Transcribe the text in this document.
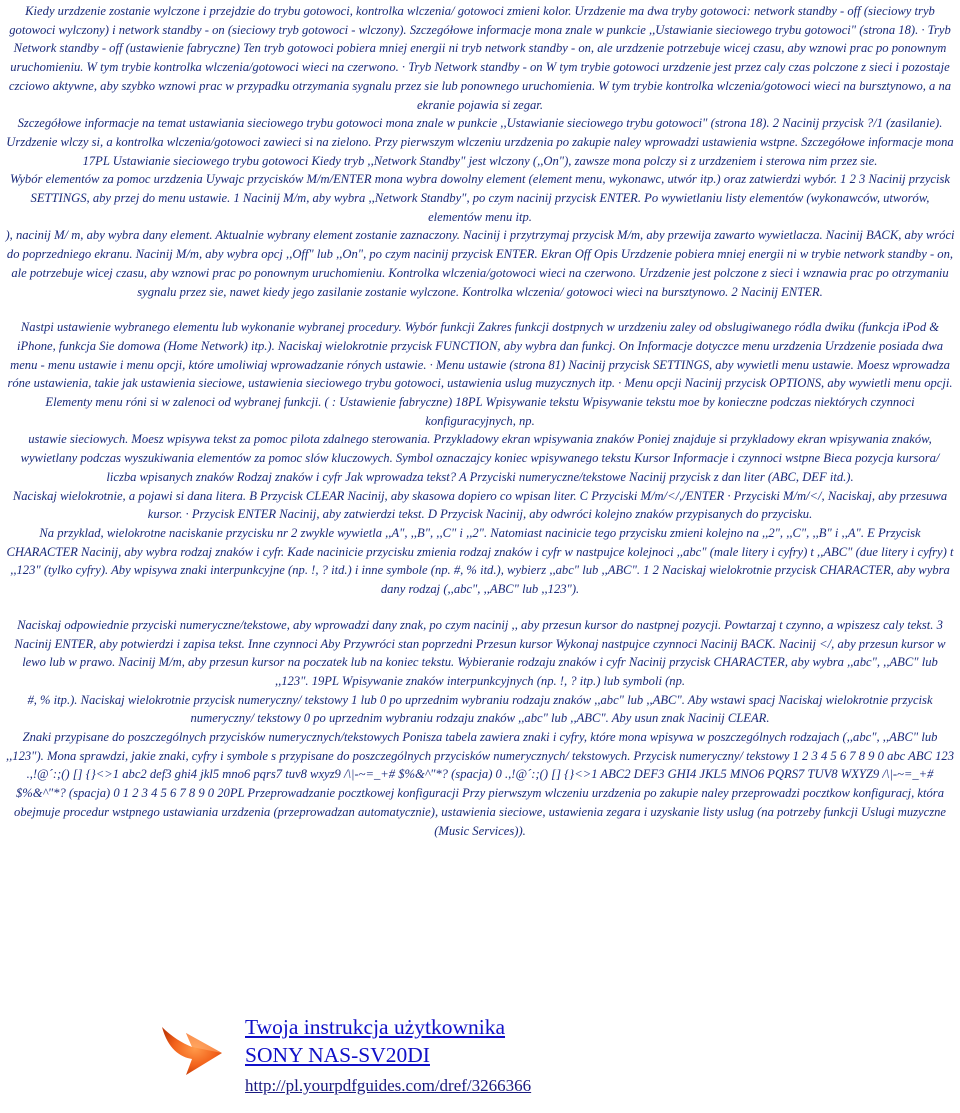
Kiedy urzdzenie zostanie wylczone i przejdzie do trybu gotowoci, kontrolka wlczenia/ gotowoci zmieni kolor. Urzdzenie ma dwa tryby gotowoci: network standby - off (sieciowy tryb gotowoci wylczony) i network standby - on (sieciowy tryb gotowoci - wlczony). Szczegółowe informacje mona znale w punkcie ,,Ustawianie sieciowego trybu gotowoci" (strona 18). · Tryb Network standby - off (ustawienie fabryczne) Ten tryb gotowoci pobiera mniej energii ni tryb network standby - on, ale urzdzenie potrzebuje wicej czasu, aby wznowi prac po ponownym uruchomieniu. W tym trybie kontrolka wlczenia/gotowoci wieci na czerwono. · Tryb Network standby - on W tym trybie gotowoci urzdzenie jest przez caly czas polczone z sieci i pozostaje czciowo aktywne, aby szybko wznowi prac w przypadku otrzymania sygnalu przez sie lub ponownego uruchomienia. W tym trybie kontrolka wlczenia/gotowoci wieci na bursztynowo, a na ekranie pojawia si zegar.

Szczegółowe informacje na temat ustawiania sieciowego trybu gotowoci mona znale w punkcie ,,Ustawianie sieciowego trybu gotowoci" (strona 18). 2 Nacinij przycisk ?/1 (zasilanie). Urzdzenie wlczy si, a kontrolka wlczenia/gotowoci zawieci si na zielono. Przy pierwszym wlczeniu urzdzenia po zakupie naley wprowadzi ustawienia wstpne. Szczegółowe informacje mona 17PL Ustawianie sieciowego trybu gotowoci Kiedy tryb ,,Network Standby" jest wlczony (,,On"), zawsze mona polczy si z urzdzeniem i sterowa nim przez sie.

Wybór elementów za pomoc urzdzenia Uywajc przycisków M/m/ENTER mona wybra dowolny element (element menu, wykonawc, utwór itp.) oraz zatwierdzi wybór. 1 2 3 Nacinij przycisk SETTINGS, aby przej do menu ustawie. 1 Nacinij M/m, aby wybra ,,Network Standby", po czym nacinij przycisk ENTER. Po wywietlaniu listy elementów (wykonawców, utworów, elementów menu itp.

), nacinij M/ m, aby wybra dany element. Aktualnie wybrany element zostanie zaznaczony. Nacinij i przytrzymaj przycisk M/m, aby przewija zawarto wywietlacza. Nacinij BACK, aby wróci do poprzedniego ekranu. Nacinij M/m, aby wybra opcj ,,Off" lub ,,On", po czym nacinij przycisk ENTER. Ekran Off Opis Urzdzenie pobiera mniej energii ni w trybie network standby - on, ale potrzebuje wicej czasu, aby wznowi prac po ponownym uruchomieniu. Kontrolka wlczenia/gotowoci wieci na czerwono. Urzdzenie jest polczone z sieci i wznawia prac po otrzymaniu sygnalu przez sie, nawet kiedy jego zasilanie zostanie wylczone. Kontrolka wlczenia/ gotowoci wieci na bursztynowo. 2 Nacinij ENTER.

Nastpi ustawienie wybranego elementu lub wykonanie wybranej procedury. Wybór funkcji Zakres funkcji dostpnych w urzdzeniu zaley od obslugiwanego ródla dwiku (funkcja iPod & iPhone, funkcja Sie domowa (Home Network) itp.). Naciskaj wielokrotnie przycisk FUNCTION, aby wybra dan funkcj. On Informacje dotyczce menu urzdzenia Urzdzenie posiada dwa menu - menu ustawie i menu opcji, które umoliwiaj wprowadzanie rónych ustawie. · Menu ustawie (strona 81) Nacinij przycisk SETTINGS, aby wywietli menu ustawie. Moesz wprowadza róne ustawienia, takie jak ustawienia sieciowe, ustawienia sieciowego trybu gotowoci, ustawienia uslug muzycznych itp. · Menu opcji Nacinij przycisk OPTIONS, aby wywietli menu opcji. Elementy menu róni si w zalenoci od wybranej funkcji. ( : Ustawienie fabryczne) 18PL Wpisywanie tekstu Wpisywanie tekstu moe by konieczne podczas niektórych czynnoci konfiguracyjnych, np.

ustawie sieciowych. Moesz wpisywa tekst za pomoc pilota zdalnego sterowania. Przykladowy ekran wpisywania znaków Poniej znajduje si przykladowy ekran wpisywania znaków, wywietlany podczas wyszukiwania elementów za pomoc slów kluczowych. Symbol oznaczajcy koniec wpisywanego tekstu Kursor Informacje i czynnoci wstpne Bieca pozycja kursora/ liczba wpisanych znaków Rodzaj znaków i cyfr Jak wprowadza tekst? A Przyciski numeryczne/tekstowe Nacinij przycisk z dan liter (ABC, DEF itd.).

Naciskaj wielokrotnie, a pojawi si dana litera. B Przycisk CLEAR Nacinij, aby skasowa dopiero co wpisan liter. C Przyciski M/m/</,/ENTER · Przyciski M/m/</, Naciskaj, aby przesuwa kursor. · Przycisk ENTER Nacinij, aby zatwierdzi tekst. D Przycisk Nacinij, aby odwróci kolejno znaków przypisanych do przycisku.

Na przyklad, wielokrotne naciskanie przycisku nr 2 zwykle wywietla ,,A", ,,B", ,,C" i ,,2". Natomiast nacinicie tego przycisku zmieni kolejno na ,,2", ,,C", ,,B" i ,,A". E Przycisk CHARACTER Nacinij, aby wybra rodzaj znaków i cyfr. Kade nacinicie przycisku zmienia rodzaj znaków i cyfr w nastpujce kolejnoci ,,abc" (male litery i cyfry) t ,,ABC" (due litery i cyfry) t ,,123" (tylko cyfry). Aby wpisywa znaki interpunkcyjne (np. !, ? itd.) i inne symbole (np. #, % itd.), wybierz ,,abc" lub ,,ABC". 1 2 Naciskaj wielokrotnie przycisk CHARACTER, aby wybra dany rodzaj (,,abc", ,,ABC" lub ,,123").

Naciskaj odpowiednie przyciski numeryczne/tekstowe, aby wprowadzi dany znak, po czym nacinij ,, aby przesun kursor do nastpnej pozycji. Powtarzaj t czynno, a wpiszesz caly tekst. 3 Nacinij ENTER, aby potwierdzi i zapisa tekst. Inne czynnoci Aby Przywróci stan poprzedni Przesun kursor Wykonaj nastpujce czynnoci Nacinij BACK. Nacinij </, aby przesun kursor w lewo lub w prawo. Nacinij M/m, aby przesun kursor na poczatek lub na koniec tekstu. Wybieranie rodzaju znaków i cyfr Nacinij przycisk CHARACTER, aby wybra ,,abc", ,,ABC" lub ,,123". 19PL Wpisywanie znaków interpunkcyjnych (np. !, ? itp.) lub symboli (np.

#, % itp.). Naciskaj wielokrotnie przycisk numeryczny/ tekstowy 1 lub 0 po uprzednim wybraniu rodzaju znaków ,,abc" lub ,,ABC". Aby wstawi spacj Naciskaj wielokrotnie przycisk numeryczny/ tekstowy 0 po uprzednim wybraniu rodzaju znaków ,,abc" lub ,,ABC". Aby usun znak Nacinij CLEAR.

Znaki przypisane do poszczególnych przycisków numerycznych/tekstowych Ponisza tabela zawiera znaki i cyfry, które mona wpisywa w poszczególnych rodzajach (,,abc", ,,ABC" lub ,,123"). Mona sprawdzi, jakie znaki, cyfry i symbole s przypisane do poszczególnych przycisków numerycznych/ tekstowych. Przycisk numeryczny/ tekstowy 1 2 3 4 5 6 7 8 9 0 abc ABC 123 .,!@´:;() [] {}<>1 abc2 def3 ghi4 jkl5 mno6 pqrs7 tuv8 wxyz9 /\|-~=_+# $%&^"*? (spacja) 0 .,!@´:;() [] {}<>1 ABC2 DEF3 GHI4 JKL5 MNO6 PQRS7 TUV8 WXYZ9 /\|-~=_+# $%&^"*? (spacja) 0 1 2 3 4 5 6 7 8 9 0 20PL Przeprowadzanie pocztkowej konfiguracji Przy pierwszym wlczeniu urzdzenia po zakupie naley przeprowadzi pocztkow konfiguracj, która obejmuje procedur wstpnego ustawiania urzdzenia (przeprowadzan automatycznie), ustawienia sieciowe, ustawienia zegara i uzyskanie listy uslug (na potrzeby funkcji Uslugi muzyczne (Music Services)).

Twoja instrukcja użytkownika
SONY NAS-SV20DI
http://pl.yourpdfguides.com/dref/3266366
